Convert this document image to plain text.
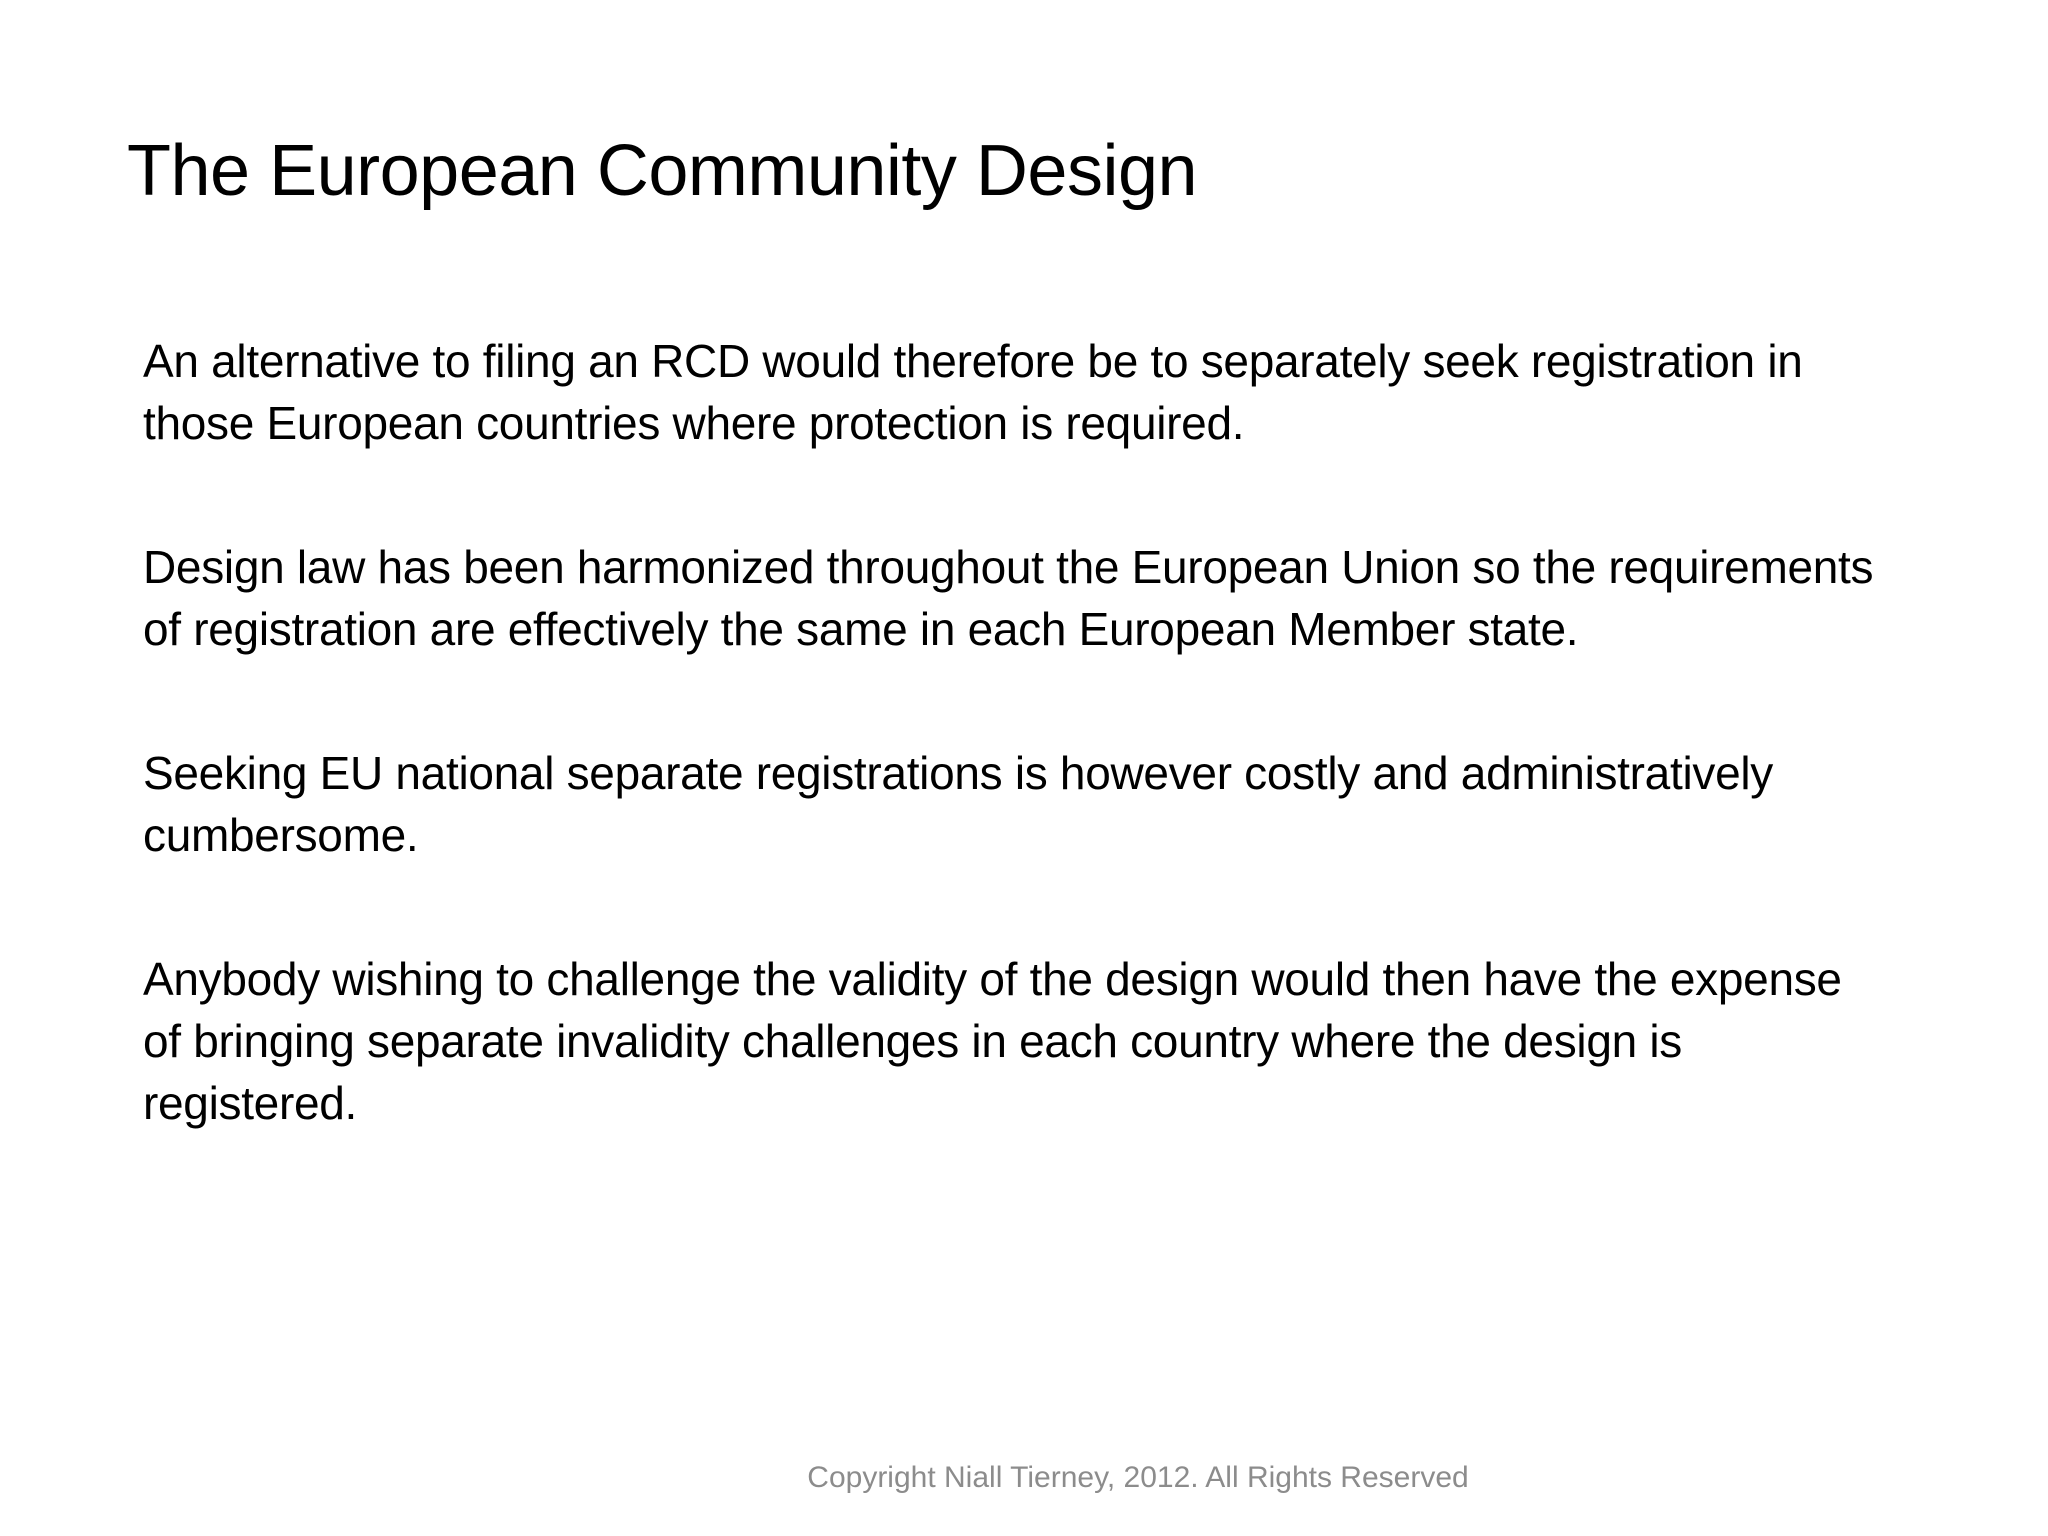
The European Community Design

An alternative to filing an RCD would therefore be to separately seek registration in
those European countries where protection is required.

Design law has been harmonized throughout the European Union so the requirements
of registration are effectively the same in each European Member state.

Seeking EU national separate registrations is however costly and administratively
cumbersome.

Anybody wishing to challenge the validity of the design would then have the expense
of bringing separate invalidity challenges in each country where the design is
registered.

Copyright Niall Tierney, 2012. All Rights Reserved
